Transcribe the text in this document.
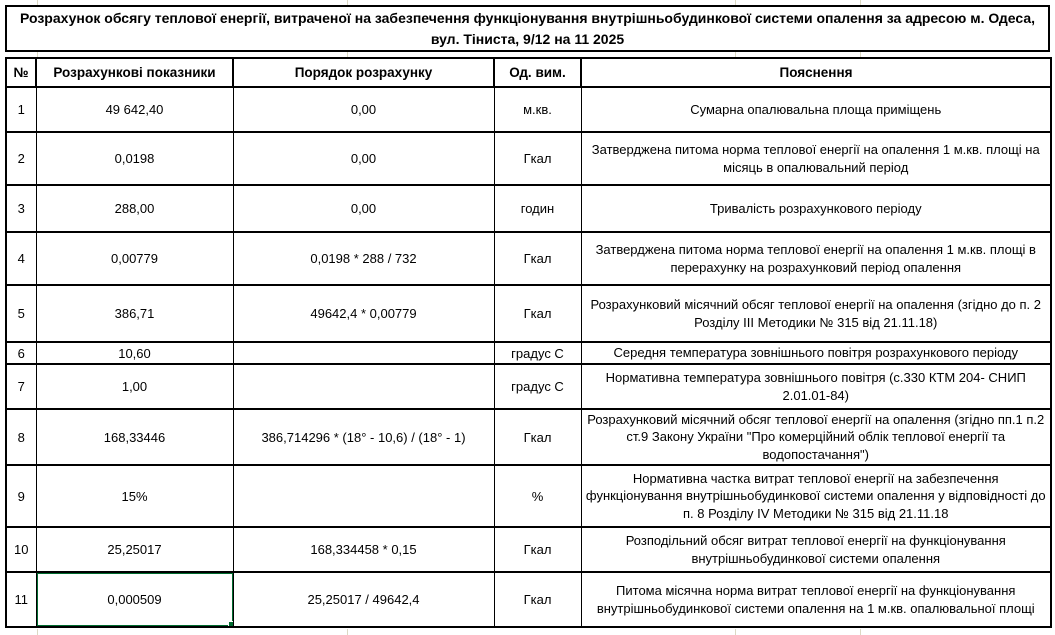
Розрахунок обсягу теплової енергії, витраченої на забезпечення функціонування внутрішньобудинкової системи опалення за адресою м. Одеса, вул. Тіниста, 9/12 на 11 2025
№	Розрахункові показники	Порядок розрахунку	Од. вим.	Пояснення
1	49 642,40	0,00	м.кв.	Сумарна опалювальна площа приміщень
2	0,0198	0,00	Гкал	Затверджена питома норма теплової енергії на опалення 1 м.кв. площі на місяць в опалювальний період
3	288,00	0,00	годин	Тривалість розрахункового періоду
4	0,00779	0,0198 * 288 / 732	Гкал	Затверджена питома норма теплової енергії на опалення 1 м.кв. площі в перерахунку на розрахунковий період опалення
5	386,71	49642,4 * 0,00779	Гкал	Розрахунковий місячний обсяг теплової енергії на опалення (згідно до п. 2 Розділу III Методики № 315 від 21.11.18)
6	10,60		градус С	Середня температура зовнішнього повітря розрахункового періоду
7	1,00		градус С	Нормативна температура зовнішнього повітря (с.330 КТМ 204- СНИП 2.01.01-84)
8	168,33446	386,714296 * (18° - 10,6) / (18° - 1)	Гкал	Розрахунковий місячний обсяг теплової енергії на опалення (згідно пп.1 п.2 ст.9 Закону України "Про комерційний облік теплової енергії та водопостачання")
9	15%		%	Нормативна частка витрат теплової енергії на забезпечення функціонування внутрішньобудинкової системи опалення у відповідності до п. 8 Розділу IV Методики № 315 від 21.11.18
10	25,25017	168,334458 * 0,15	Гкал	Розподільний обсяг витрат теплової енергії на функціонування внутрішньобудинкової системи опалення
11	0,000509	25,25017 / 49642,4	Гкал	Питома місячна норма витрат теплової енергії на функціонування внутрішньобудинкової системи опалення на 1 м.кв. опалювальної площі
